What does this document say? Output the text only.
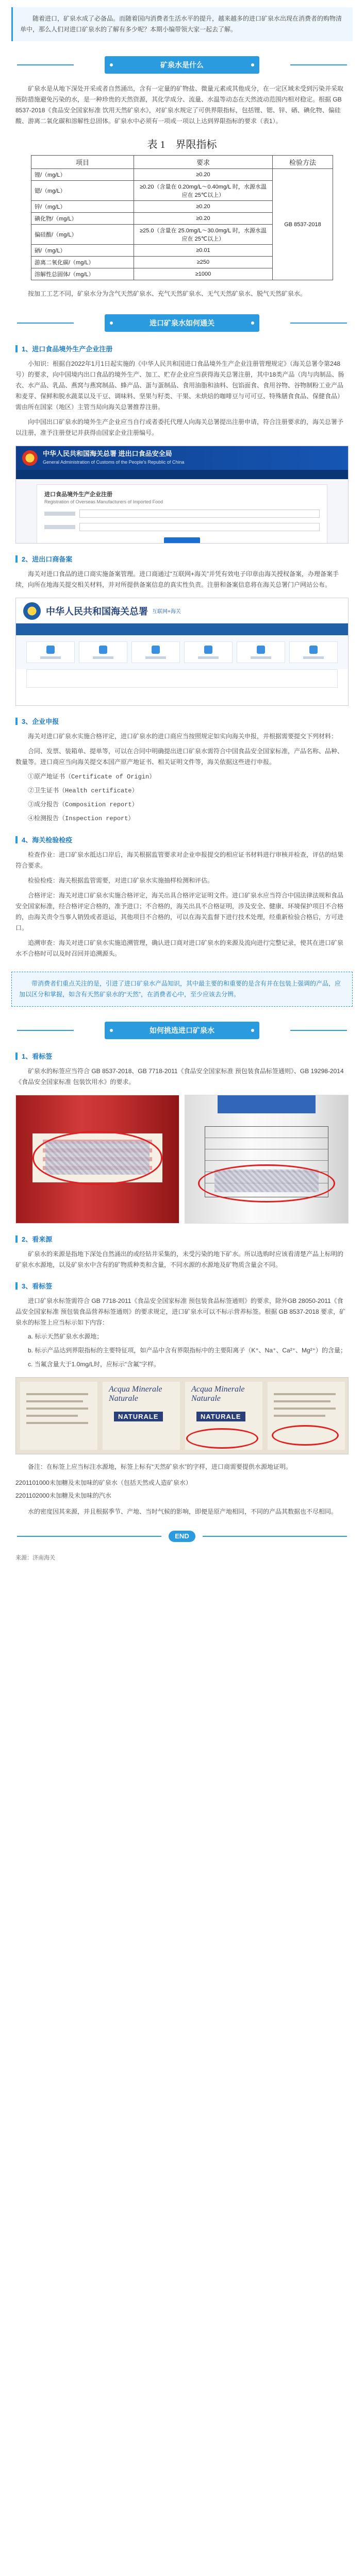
随着进口，矿泉水成了必备品。而随着国内消费者生活水平的提升，越来越多的进口矿泉水出现在消费者的购物清单中，那么人们对进口矿泉水的了解有多少呢？本期小编带领大家一起去了解。

矿泉水是什么

矿泉水是从地下深处开采或者自然涌出，含有一定量的矿物盐、微量元素或其他成分，在一定区域未受到污染并采取预防措施避免污染的水，是一种珍贵的天然资源，其化学成分、流量、水温等动态在天然波动范围内相对稳定。根据 GB 8537-2018《食品安全国家标准 饮用天然矿泉水》，对矿泉水规定了可供界限指标，包括锂、锶、锌、硒、碘化物、偏硅酸、游离二氧化碳和溶解性总固体。矿泉水中必须有一项或一项以上达到界限指标的要求（表1）。

表 1　界限指标
项目	要求	检验方法
锂/（mg/L）	≥0.20	GB 8537-2018
锶/（mg/L）	≥0.20（含量在 0.20mg/L～0.40mg/L 时，水源水温应在 25℃以上）	
锌/（mg/L）	≥0.20	
碘化物/（mg/L）	≥0.20	
偏硅酸/（mg/L）	≥25.0（含量在 25.0mg/L～30.0mg/L 时，水源水温应在 25℃以上）	
硒/（mg/L）	≥0.01	
游离二氧化碳/（mg/L）	≥250	
溶解性总固体/（mg/L）	≥1000	

按加工工艺不同，矿泉水分为含气天然矿泉水、充气天然矿泉水、无气天然矿泉水、脱气天然矿泉水。

进口矿泉水如何通关
1、进口食品境外生产企业注册

小知识：根据自2022年1月1日起实施的《中华人民共和国进口食品境外生产企业注册管理规定》（海关总署令第248号）的要求，向中国境内出口食品的境外生产、加工、贮存企业应当获得海关总署注册，其中18类产品（肉与肉制品、肠衣、水产品、乳品、燕窝与燕窝制品、蜂产品、蛋与蛋制品、食用油脂和油料、包馅面食、食用谷物、谷物制粉工业产品和麦芽、保鲜和脱水蔬菜以及干豆、调味料、坚果与籽类、干果、未烘焙的咖啡豆与可可豆、特殊膳食食品、保健食品）需由所在国家（地区）主管当局向海关总署推荐注册。

向中国出口矿泉水的境外生产企业应当自行或者委托代理人向海关总署提出注册申请，符合注册要求的，海关总署予以注册，准予注册登记并获得由国家企业注册编号。

中华人民共和国海关总署 进出口食品安全局
General Administration of Customs of the People's Republic of China
进口食品境外生产企业注册
Registration of Overseas Manufacturers of Imported Food
2、进出口商备案

海关对进口食品的进口商实施备案管理。进口商通过“互联网+海关”并凭有效电子印章由海关授权备案，办理备案手续，向所在地海关提交相关材料，并对所提供备案信息的真实性负责。注册和备案信息将在海关总署门户网站公布。

中华人民共和国海关总署 互联网+海关
3、企业申报

海关对进口矿泉水实施合格评定，进口矿泉水的进口商应当按照规定如实向海关申报，并根据需要提交下列材料：

合同、发票、装箱单、提单等，可以在合同中明确提出进口矿泉水需符合中国食品安全国家标准，产品名称、品种、数量等。进口商应当向海关提交本国产原产地证书、相关证明文件等，海关依据这些进行申报。

①原产地证书（Certificate of Origin）

②卫生证书（Health certificate）

③成分报告（Composition report）

④检测报告（Inspection report）

4、海关检验检疫

检查作业：进口矿泉水抵达口岸后，海关根据监管要求对企业申报提交的相应证书材料进行审核并检查，评估的结果符合要求。

检验检疫：海关根据监管需要，对进口矿泉水实施抽样检测和评估。

合格评定：海关对进口矿泉水实施合格评定，海关出具合格评定证明文件。进口矿泉水应当符合中国法律法规和食品安全国家标准，经合格评定合格的，准予进口；不合格的，海关出具不合格证明，涉及安全、健康、环境保护项目不合格的，由海关责令当事人销毁或者退运，其他项目不合格的，可以在海关监督下进行技术处理，经重新检验合格后，方可进口。

追溯审查：海关对进口矿泉水实施追溯管理，确认进口商对进口矿泉水的来源及流向进行完整记录，使其在进口矿泉水不合格时可以及时召回并追溯源头。

带消费者们重点关注的是，引进了进口矿泉水产品知识，其中最主要的和重要的是含有并在包装上强调的产品，应加以区分和掌握，如含有天然矿泉水的“天然”，在消费者心中，至少应该去分辨。

如何挑选进口矿泉水
1、看标签

矿泉水的标签应当符合 GB 8537-2018、GB 7718-2011《食品安全国家标准 预包装食品标签通则》、GB 19298-2014《食品安全国家标准 包装饮用水》的要求。

2、看来源

矿泉水的来源是指地下深处自然涌出的或经钻井采集的，未受污染的地下矿水。所以选购时应该看清楚产品上标明的矿泉水水源地，以及矿泉水中含有的矿物质种类和含量，不同水源的水源地及矿物质含量会不同。

3、看标签

进口矿泉水标签需符合 GB 7718-2011《食品安全国家标准 预包装食品标签通则》的要求，除外GB 28050-2011《食品安全国家标准 预包装食品营养标签通则》的要求规定，进口矿泉水可以不标示营养标签。根据 GB 8537-2018 要求，矿泉水的标签上应当标示如下内容：

a. 标示天然矿泉水水源地；

b. 标示产品达到界限指标的主要特征项，如产品中含有界限指标中的主要阳离子（K⁺、Na⁺、Ca²⁺、Mg²⁺）的含量；

c. 当氟含量大于1.0mg/L时，应标示“含氟”字样。

Acqua Minerale Naturale
Acqua Minerale Naturale
NATURALE	NATURALE

备注：在标签上应当标注水源地，标签上标有“天然矿泉水”的字样，进口商需要提供水源地证明。

2201101000未加糖及未加味的矿泉水（包括天然或人造矿泉水）

2201102000未加糖及未加味的汽水

水的密度因其来源，并且根据季节、产地、当时气候的影响，即便是原产地相同，不同的产品其数据也不尽相同。

END
来源：济南海关
